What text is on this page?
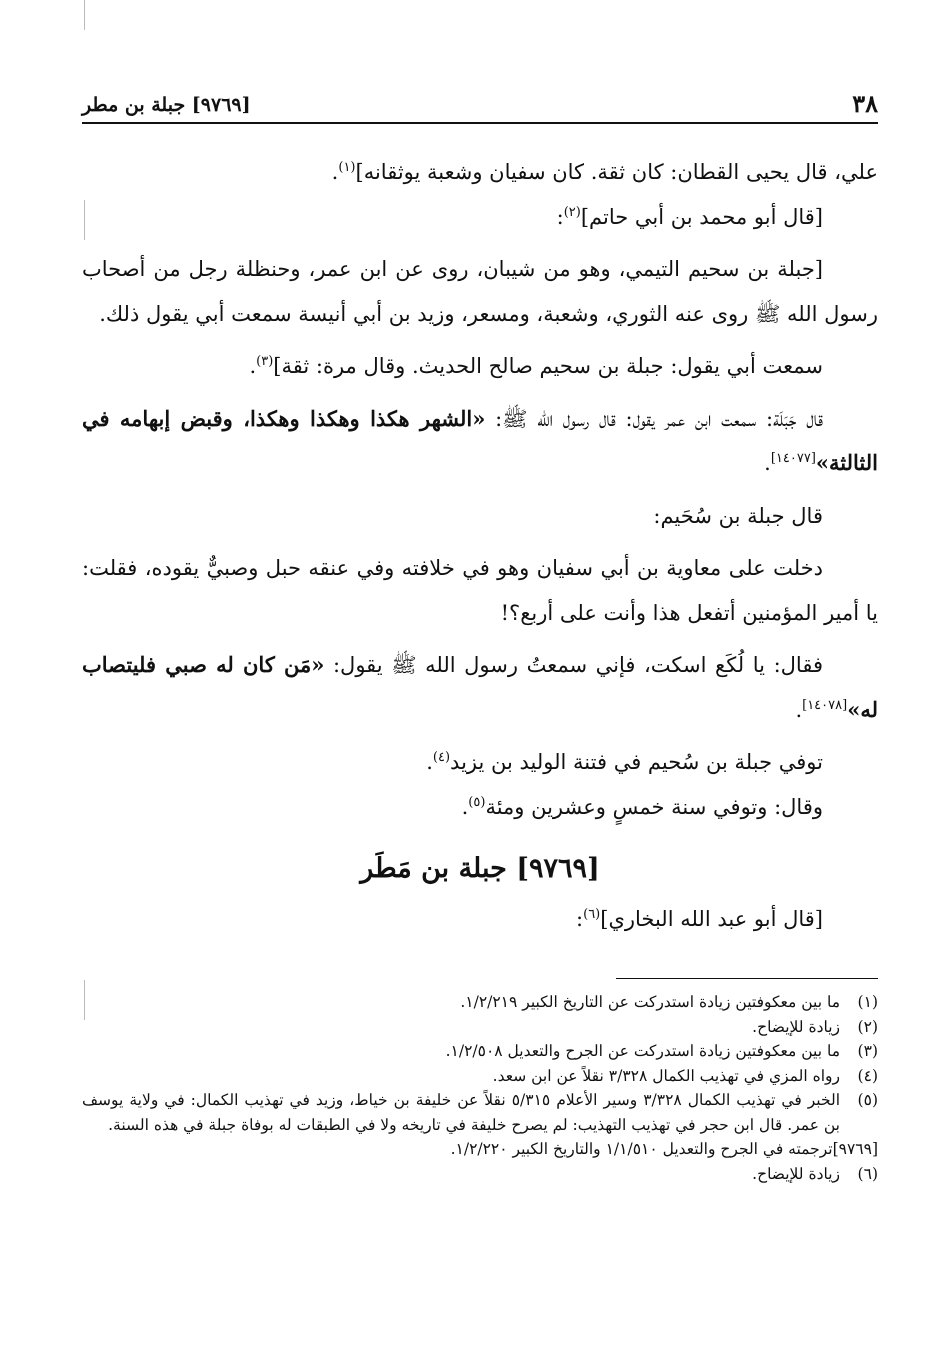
٣٨
[٩٧٦٩] جبلة بن مطر

علي، قال يحيى القطان: كان ثقة. كان سفيان وشعبة يوثقانه]$^{(١)}$.

[قال أبو محمد بن أبي حاتم]$^{(٢)}$:

[جبلة بن سحيم التيمي، وهو من شيبان، روى عن ابن عمر، وحنظلة رجل من أصحاب رسول الله ﷺ روى عنه الثوري، وشعبة، ومسعر، وزيد بن أبي أنيسة سمعت أبي يقول ذلك.

سمعت أبي يقول: جبلة بن سحيم صالح الحديث. وقال مرة: ثقة]$^{(٣)}$.

قال جَبَلَة: سمعت ابن عمر يقول: قال رسول الله ﷺ: «الشهر هكذا وهكذا وهكذا، وقبض إبهامه في الثالثة»[١٤٠٧٧].

قال جبلة بن سُحَيم:

دخلت على معاوية بن أبي سفيان وهو في خلافته وفي عنقه حبل وصبيٌّ يقوده، فقلت: يا أمير المؤمنين أتفعل هذا وأنت على أربع؟!

فقال: يا لُكَع اسكت، فإني سمعتُ رسول الله ﷺ يقول: «مَن كان له صبي فليتصاب له»[١٤٠٧٨].

توفي جبلة بن سُحيم في فتنة الوليد بن يزيد$^{(٤)}$.

وقال: وتوفي سنة خمسٍ وعشرين ومئة$^{(٥)}$.

[٩٧٦٩] جبلة بن مَطَر

[قال أبو عبد الله البخاري]$^{(٦)}$:

(١)
ما بين معكوفتين زيادة استدركت عن التاريخ الكبير ١/٢/٢١٩.
(٢)
زيادة للإيضاح.
(٣)
ما بين معكوفتين زيادة استدركت عن الجرح والتعديل ١/٢/٥٠٨.
(٤)
رواه المزي في تهذيب الكمال ٣/٣٢٨ نقلاً عن ابن سعد.
(٥)
الخبر في تهذيب الكمال ٣/٣٢٨ وسير الأعلام ٥/٣١٥ نقلاً عن خليفة بن خياط، وزيد في تهذيب الكمال: في ولاية يوسف بن عمر. قال ابن حجر في تهذيب التهذيب: لم يصرح خليفة في تاريخه ولا في الطبقات له بوفاة جبلة في هذه السنة.
[٩٧٦٩]
ترجمته في الجرح والتعديل ١/١/٥١٠ والتاريخ الكبير ١/٢/٢٢٠.
(٦)
زيادة للإيضاح.
